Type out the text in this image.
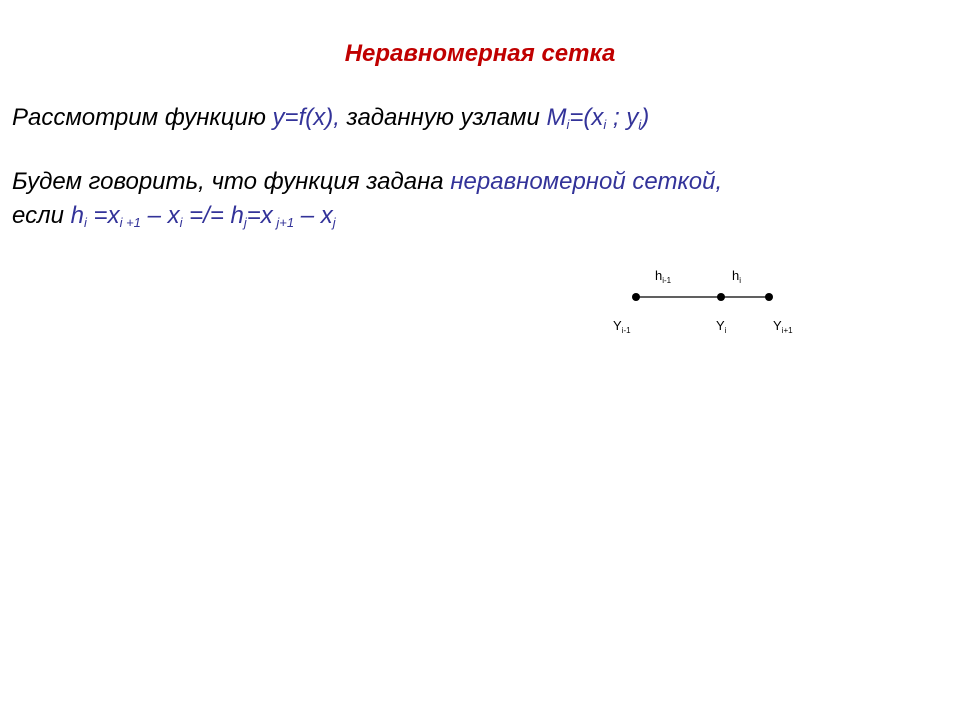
Неравномерная сетка
Рассмотрим функцию y=f(x), заданную узлами $M_i=(x_i$ ; $y_i$)
Будем говорить, что функция задана неравномерной сеткой,
если $h_i =x_{i +1} - x_i$ =/= $h_j=x$ $_{j+1} - x_j$
$h_{i-1}$	$h_i$
$Y_{i-1}$	$Y_i$	$Y_{i+1}$
